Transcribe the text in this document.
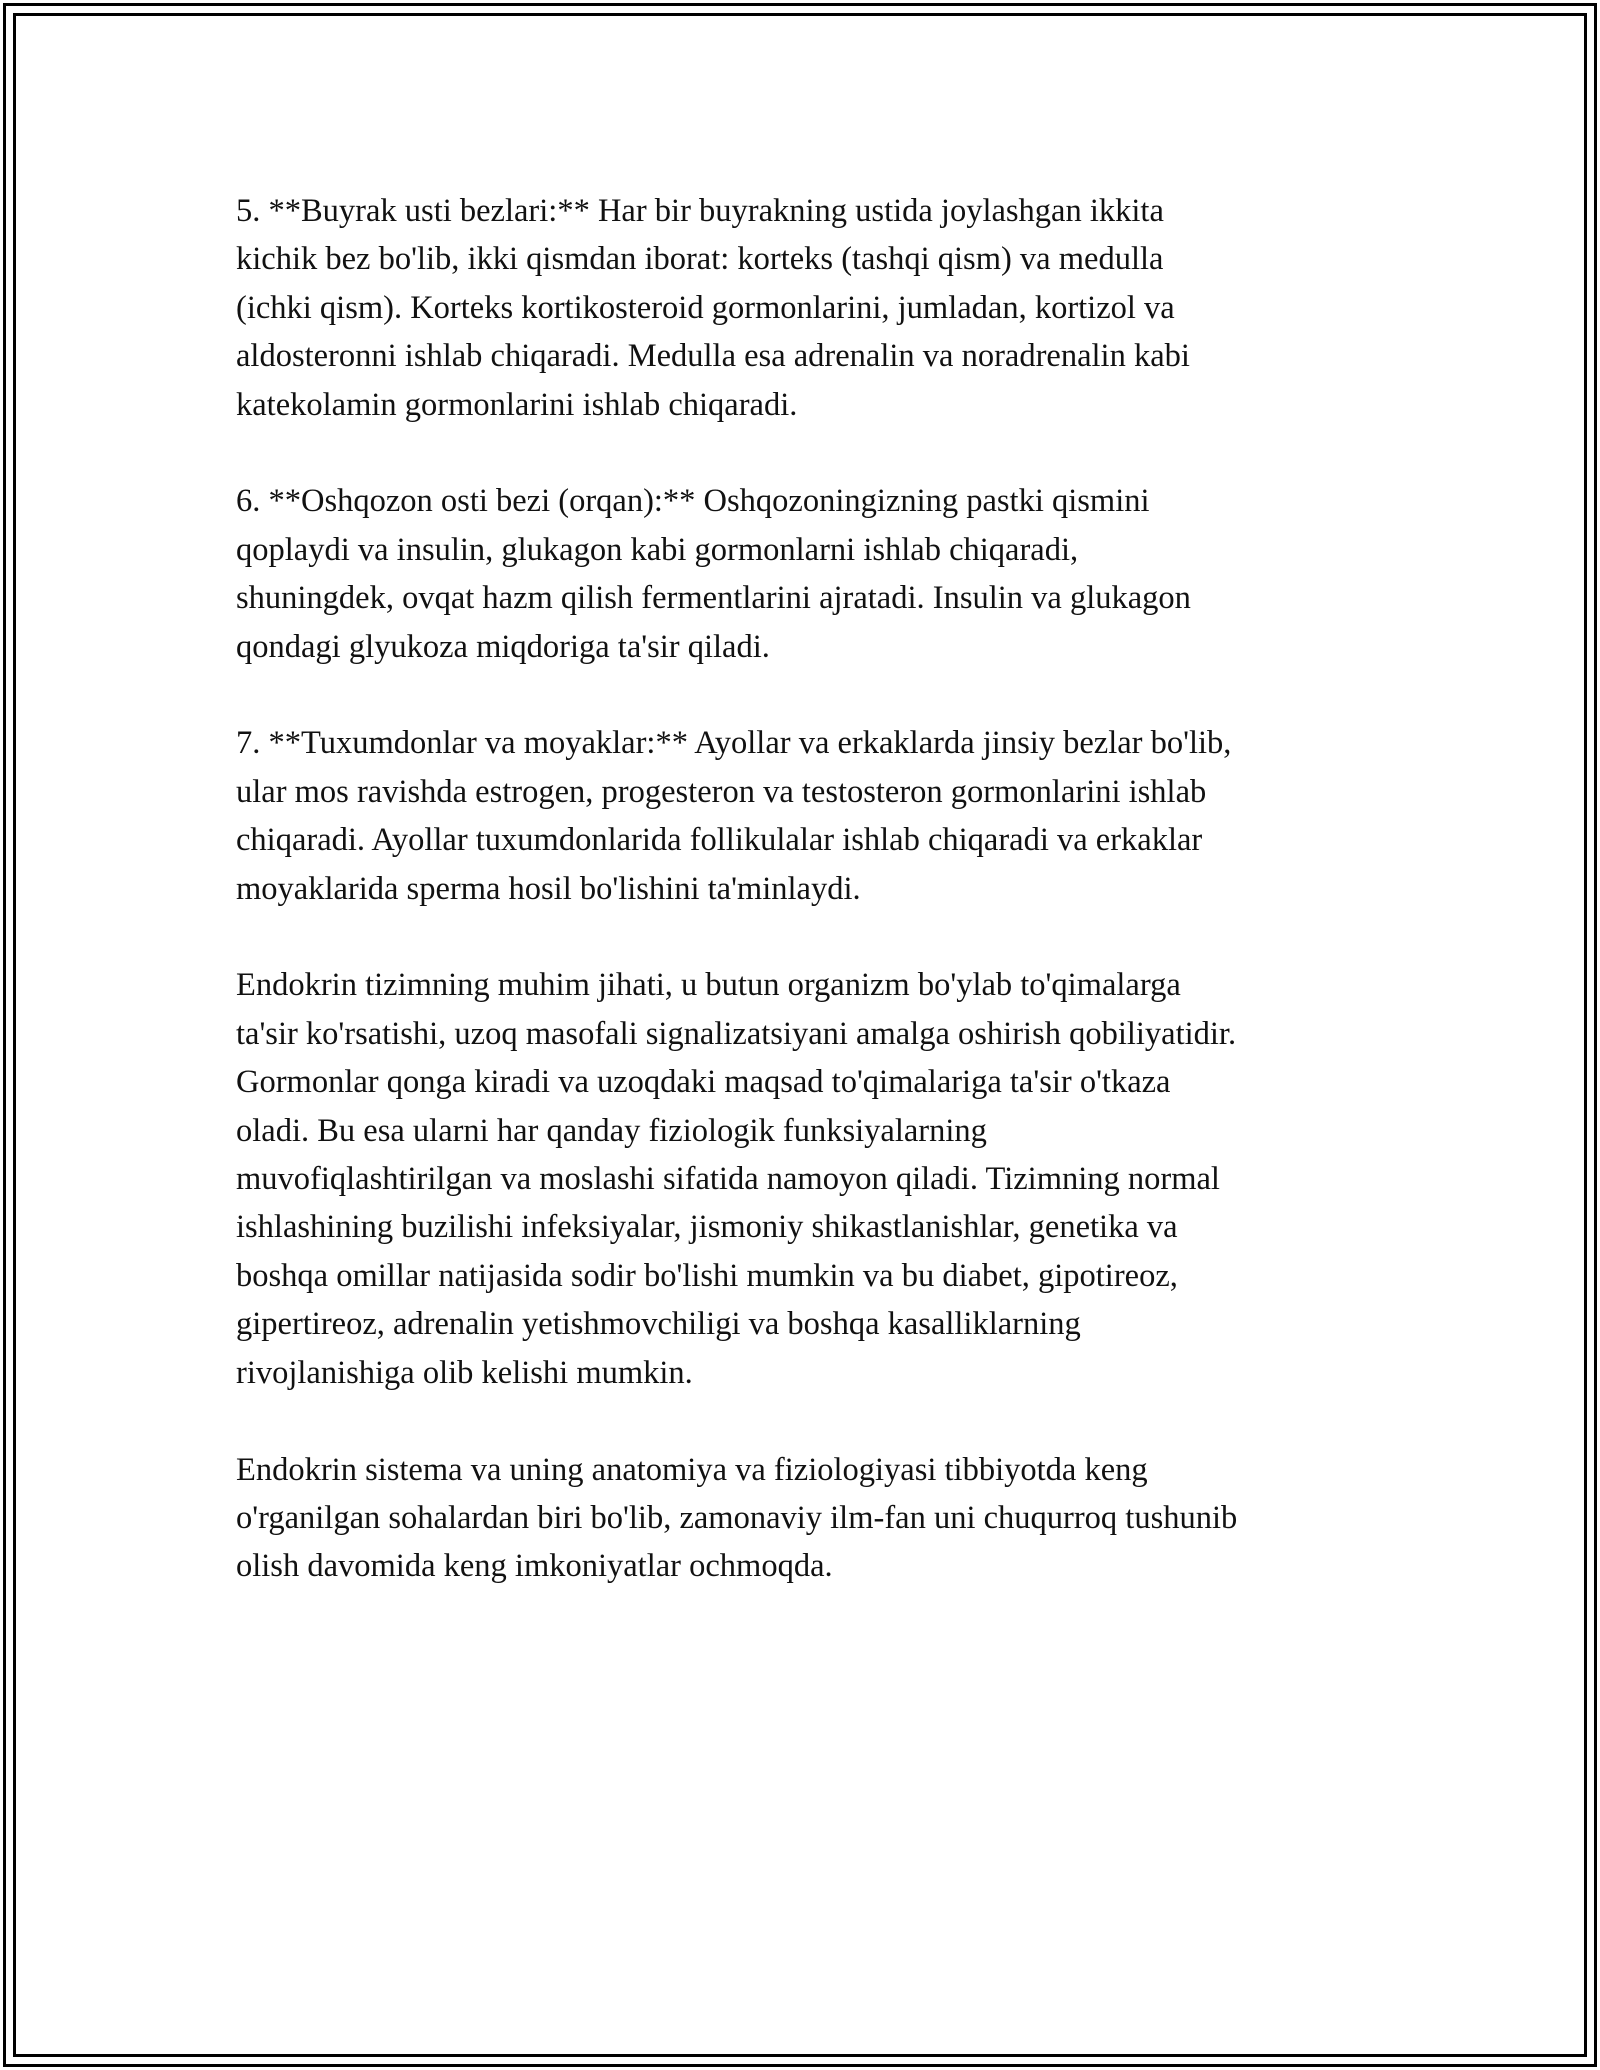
5. **Buyrak usti bezlari:** Har bir buyrakning ustida joylashgan ikkita
kichik bez bo'lib, ikki qismdan iborat: korteks (tashqi qism) va medulla
(ichki qism). Korteks kortikosteroid gormonlarini, jumladan, kortizol va
aldosteronni ishlab chiqaradi. Medulla esa adrenalin va noradrenalin kabi
katekolamin gormonlarini ishlab chiqaradi.

6. **Oshqozon osti bezi (orqan):** Oshqozoningizning pastki qismini
qoplaydi va insulin, glukagon kabi gormonlarni ishlab chiqaradi,
shuningdek, ovqat hazm qilish fermentlarini ajratadi. Insulin va glukagon
qondagi glyukoza miqdoriga ta'sir qiladi.

7. **Tuxumdonlar va moyaklar:** Ayollar va erkaklarda jinsiy bezlar bo'lib,
ular mos ravishda estrogen, progesteron va testosteron gormonlarini ishlab
chiqaradi. Ayollar tuxumdonlarida follikulalar ishlab chiqaradi va erkaklar
moyaklarida sperma hosil bo'lishini ta'minlaydi.

Endokrin tizimning muhim jihati, u butun organizm bo'ylab to'qimalarga
ta'sir ko'rsatishi, uzoq masofali signalizatsiyani amalga oshirish qobiliyatidir.
Gormonlar qonga kiradi va uzoqdaki maqsad to'qimalariga ta'sir o'tkaza
oladi. Bu esa ularni har qanday fiziologik funksiyalarning
muvofiqlashtirilgan va moslashi sifatida namoyon qiladi. Tizimning normal
ishlashining buzilishi infeksiyalar, jismoniy shikastlanishlar, genetika va
boshqa omillar natijasida sodir bo'lishi mumkin va bu diabet, gipotireoz,
gipertireoz, adrenalin yetishmovchiligi va boshqa kasalliklarning
rivojlanishiga olib kelishi mumkin.

Endokrin sistema va uning anatomiya va fiziologiyasi tibbiyotda keng
o'rganilgan sohalardan biri bo'lib, zamonaviy ilm-fan uni chuqurroq tushunib
olish davomida keng imkoniyatlar ochmoqda.
